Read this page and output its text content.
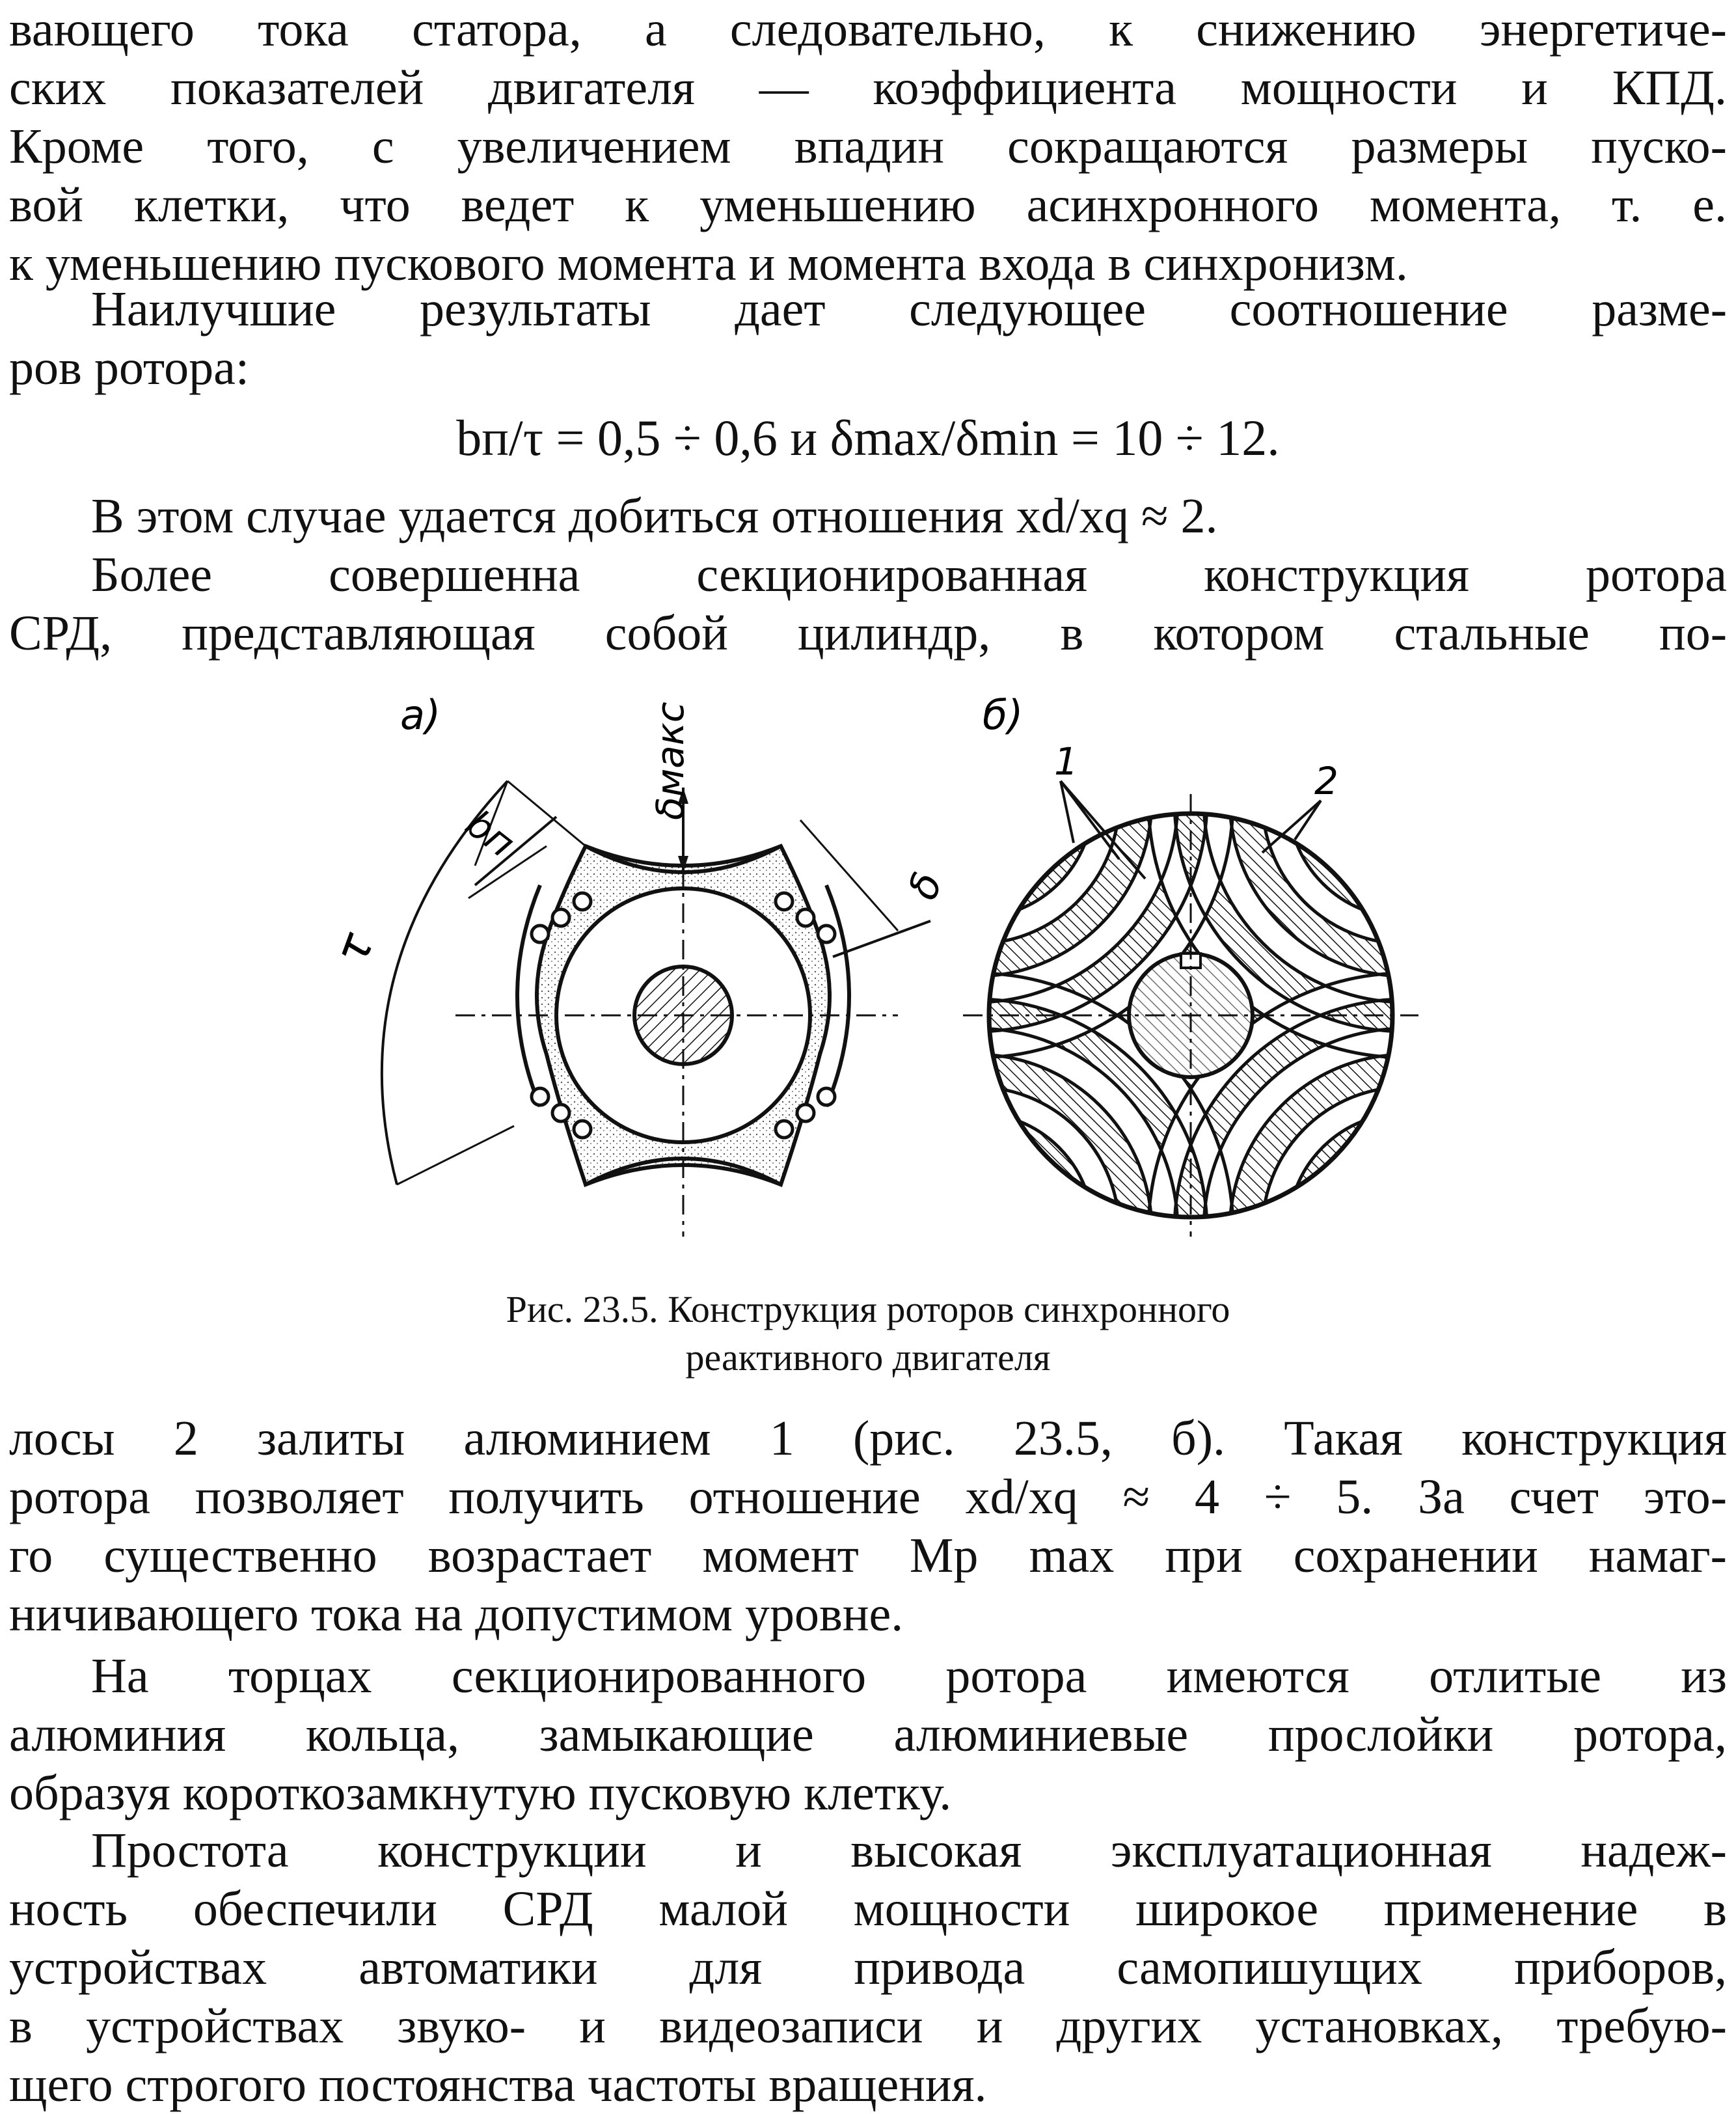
вающего тока статора, а следовательно, к снижению энергетиче-
ских показателей двигателя — коэффициента мощности и КПД.
Кроме того, с увеличением впадин сокращаются размеры пуско-
вой клетки, что ведет к уменьшению асинхронного момента, т. е.
к уменьшению пускового момента и момента входа в синхронизм.
Наилучшие результаты дает следующее соотношение разме-
ров ротора:
bп/τ = 0,5 ÷ 0,6 и δmax/δmin = 10 ÷ 12.
В этом случае удается добиться отношения xd/xq ≈ 2.
Более совершенна секционированная конструкция ротора
СРД, представляющая собой цилиндр, в котором стальные по-
а)
τ
bп
δмакс
δ
б)
1	2
Рис. 23.5. Конструкция роторов синхронного
реактивного двигателя
лосы 2 залиты алюминием 1 (рис. 23.5, б). Такая конструкция
ротора позволяет получить отношение xd/xq ≈ 4 ÷ 5. За счет это-
го существенно возрастает момент Mр max при сохранении намаг-
ничивающего тока на допустимом уровне.
На торцах секционированного ротора имеются отлитые из
алюминия кольца, замыкающие алюминиевые прослойки ротора,
образуя короткозамкнутую пусковую клетку.
Простота конструкции и высокая эксплуатационная надеж-
ность обеспечили СРД малой мощности широкое применение в
устройствах автоматики для привода самопишущих приборов,
в устройствах звуко- и видеозаписи и других установках, требую-
щего строгого постоянства частоты вращения.
